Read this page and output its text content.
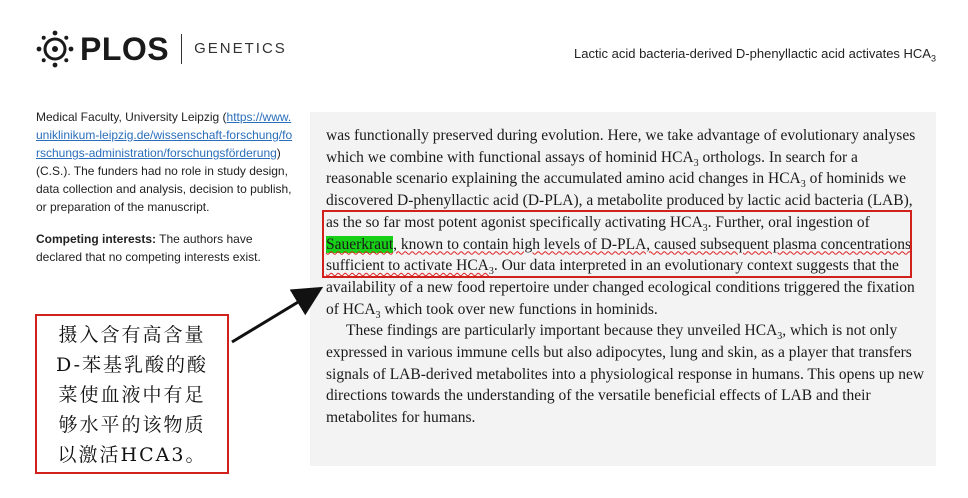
PLOS GENETICS	Lactic acid bacteria-derived D-phenyllactic acid activates $HCA_3$
Medical Faculty, University Leipzig (https://www.uniklinikum-leipzig.de/wissenschaft-forschung/forschungs-administration/forschungsförderung) (C.S.). The funders had no role in study design, data collection and analysis, decision to publish, or preparation of the manuscript.
Competing interests: The authors have declared that no competing interests exist.

was functionally preserved during evolution. Here, we take advantage of evolutionary analyses which we combine with functional assays of hominid $HCA_3$ orthologs. In search for a reasonable scenario explaining the accumulated amino acid changes in $HCA_3$ of hominids we discovered D-phenyllactic acid (D-PLA), a metabolite produced by lactic acid bacteria (LAB), as the so far most potent agonist specifically activating $HCA_3$. Further, oral ingestion of Sauerkraut, known to contain high levels of D-PLA, caused subsequent plasma concentrations sufficient to activate $HCA_3$. Our data interpreted in an evolutionary context suggests that the availability of a new food repertoire under changed ecological conditions triggered the fixation of $HCA_3$ which took over new functions in hominids.

These findings are particularly important because they unveiled $HCA_3$, which is not only expressed in various immune cells but also adipocytes, lung and skin, as a player that transfers signals of LAB-derived metabolites into a physiological response in humans. This opens up new directions towards the understanding of the versatile beneficial effects of LAB and their metabolites for humans.

摄入含有高含量
D-苯基乳酸的酸
菜使血液中有足
够水平的该物质
以激活HCA3。
